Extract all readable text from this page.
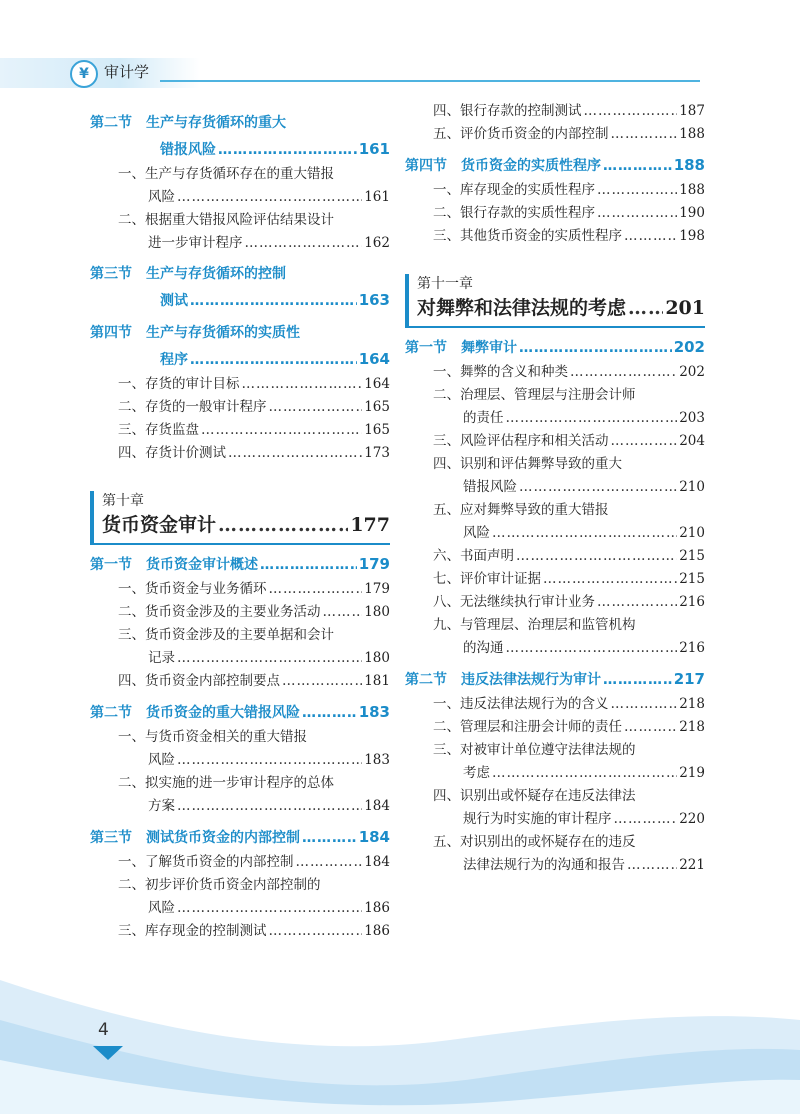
¥	审计学
第二节　生产与存货循环的重大
错报风险 …………………………………………………………………………………………………………	161
一、生产与存货循环存在的重大错报
风险 …………………………………………………………………………………………………………	161
二、根据重大错报风险评估结果设计
进一步审计程序 …………………………………………………………………………………………………………	162
第三节　生产与存货循环的控制
测试 …………………………………………………………………………………………………………	163
第四节　生产与存货循环的实质性
程序 …………………………………………………………………………………………………………	164
一、存货的审计目标 …………………………………………………………………………………………………………	164
二、存货的一般审计程序 …………………………………………………………………………………………………………	165
三、存货监盘 …………………………………………………………………………………………………………	165
四、存货计价测试 …………………………………………………………………………………………………………	173
第十章
货币资金审计 …………………………………………………………………………………………………………	177
第一节　货币资金审计概述 …………………………………………………………………………………………………………	179
一、货币资金与业务循环 …………………………………………………………………………………………………………	179
二、货币资金涉及的主要业务活动 …………………………………………………………………………………………………………	180
三、货币资金涉及的主要单据和会计
记录 …………………………………………………………………………………………………………	180
四、货币资金内部控制要点 …………………………………………………………………………………………………………	181
第二节　货币资金的重大错报风险 …………………………………………………………………………………………………………	183
一、与货币资金相关的重大错报
风险 …………………………………………………………………………………………………………	183
二、拟实施的进一步审计程序的总体
方案 …………………………………………………………………………………………………………	184
第三节　测试货币资金的内部控制 …………………………………………………………………………………………………………	184
一、了解货币资金的内部控制 …………………………………………………………………………………………………………	184
二、初步评价货币资金内部控制的
风险 …………………………………………………………………………………………………………	186
三、库存现金的控制测试 …………………………………………………………………………………………………………	186
四、银行存款的控制测试 …………………………………………………………………………………………………………	187
五、评价货币资金的内部控制 …………………………………………………………………………………………………………	188
第四节　货币资金的实质性程序 …………………………………………………………………………………………………………	188
一、库存现金的实质性程序 …………………………………………………………………………………………………………	188
二、银行存款的实质性程序 …………………………………………………………………………………………………………	190
三、其他货币资金的实质性程序 …………………………………………………………………………………………………………	198
第十一章
对舞弊和法律法规的考虑 ………………………………………………………………………………………………………… 201
第一节　舞弊审计 …………………………………………………………………………………………………………	202
一、舞弊的含义和种类 …………………………………………………………………………………………………………	202
二、治理层、管理层与注册会计师
的责任 …………………………………………………………………………………………………………	203
三、风险评估程序和相关活动 …………………………………………………………………………………………………………	204
四、识别和评估舞弊导致的重大
错报风险 …………………………………………………………………………………………………………	210
五、应对舞弊导致的重大错报
风险 …………………………………………………………………………………………………………	210
六、书面声明 …………………………………………………………………………………………………………	215
七、评价审计证据 …………………………………………………………………………………………………………	215
八、无法继续执行审计业务 …………………………………………………………………………………………………………	216
九、与管理层、治理层和监管机构
的沟通 …………………………………………………………………………………………………………	216
第二节　违反法律法规行为审计 …………………………………………………………………………………………………………	217
一、违反法律法规行为的含义 …………………………………………………………………………………………………………	218
二、管理层和注册会计师的责任 …………………………………………………………………………………………………………	218
三、对被审计单位遵守法律法规的
考虑 …………………………………………………………………………………………………………	219
四、识别出或怀疑存在违反法律法
规行为时实施的审计程序 …………………………………………………………………………………………………………	220
五、对识别出的或怀疑存在的违反
法律法规行为的沟通和报告 …………………………………………………………………………………………………………	221
4
